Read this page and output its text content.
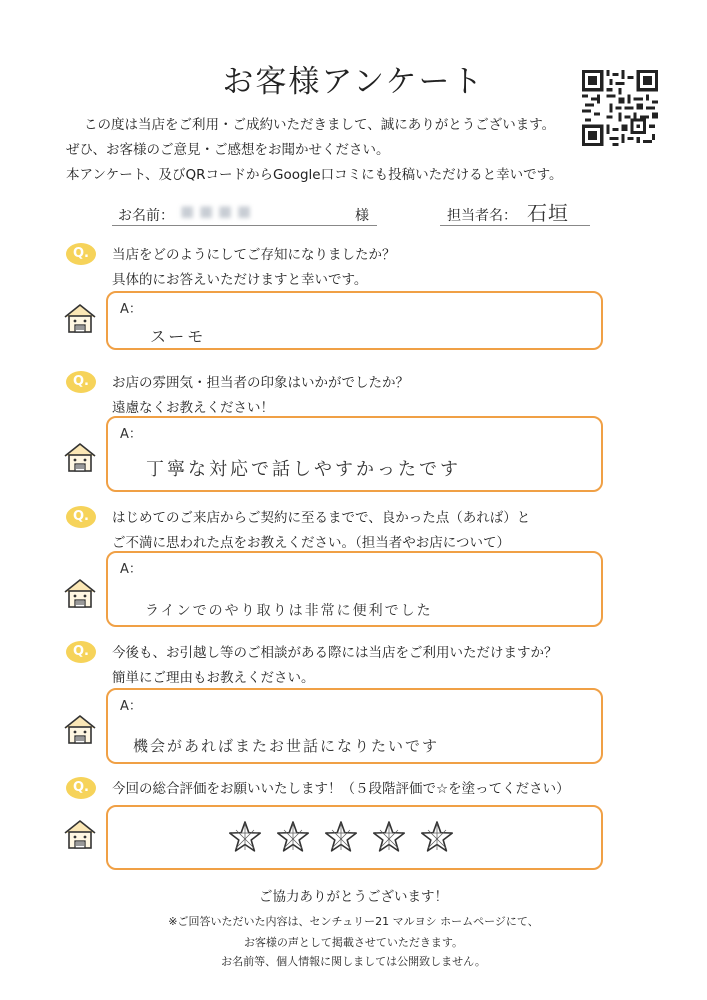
お客様アンケート
この度は当店をご利用・ご成約いただきまして、誠にありがとうございます。
ぜひ、お客様のご意見・ご感想をお聞かせください。
本アンケート、及びQRコードからGoogle口コミにも投稿いただけると幸いです。
お名前： ■ ■ ■ ■	様	担当者名： 石垣
Q.	当店をどのようにしてご存知になりましたか？
具体的にお答えいただけますと幸いです。
A：
スーモ
Q.	お店の雰囲気・担当者の印象はいかがでしたか？
遠慮なくお教えください！
A：
丁寧な対応で話しやすかったです
Q.	はじめてのご来店からご契約に至るまでで、良かった点（あれば）と
ご不満に思われた点をお教えください。（担当者やお店について）
A：
ラインでのやり取りは非常に便利でした
Q.	今後も、お引越し等のご相談がある際には当店をご利用いただけますか？
簡単にご理由もお教えください。
A：
機会があればまたお世話になりたいです
Q.	今回の総合評価をお願いいたします！（５段階評価で☆を塗ってください）
ご協力ありがとうございます！
※ご回答いただいた内容は、センチュリー21 マルヨシ ホームページにて、
お客様の声として掲載させていただきます。
お名前等、個人情報に関しましては公開致しません。
